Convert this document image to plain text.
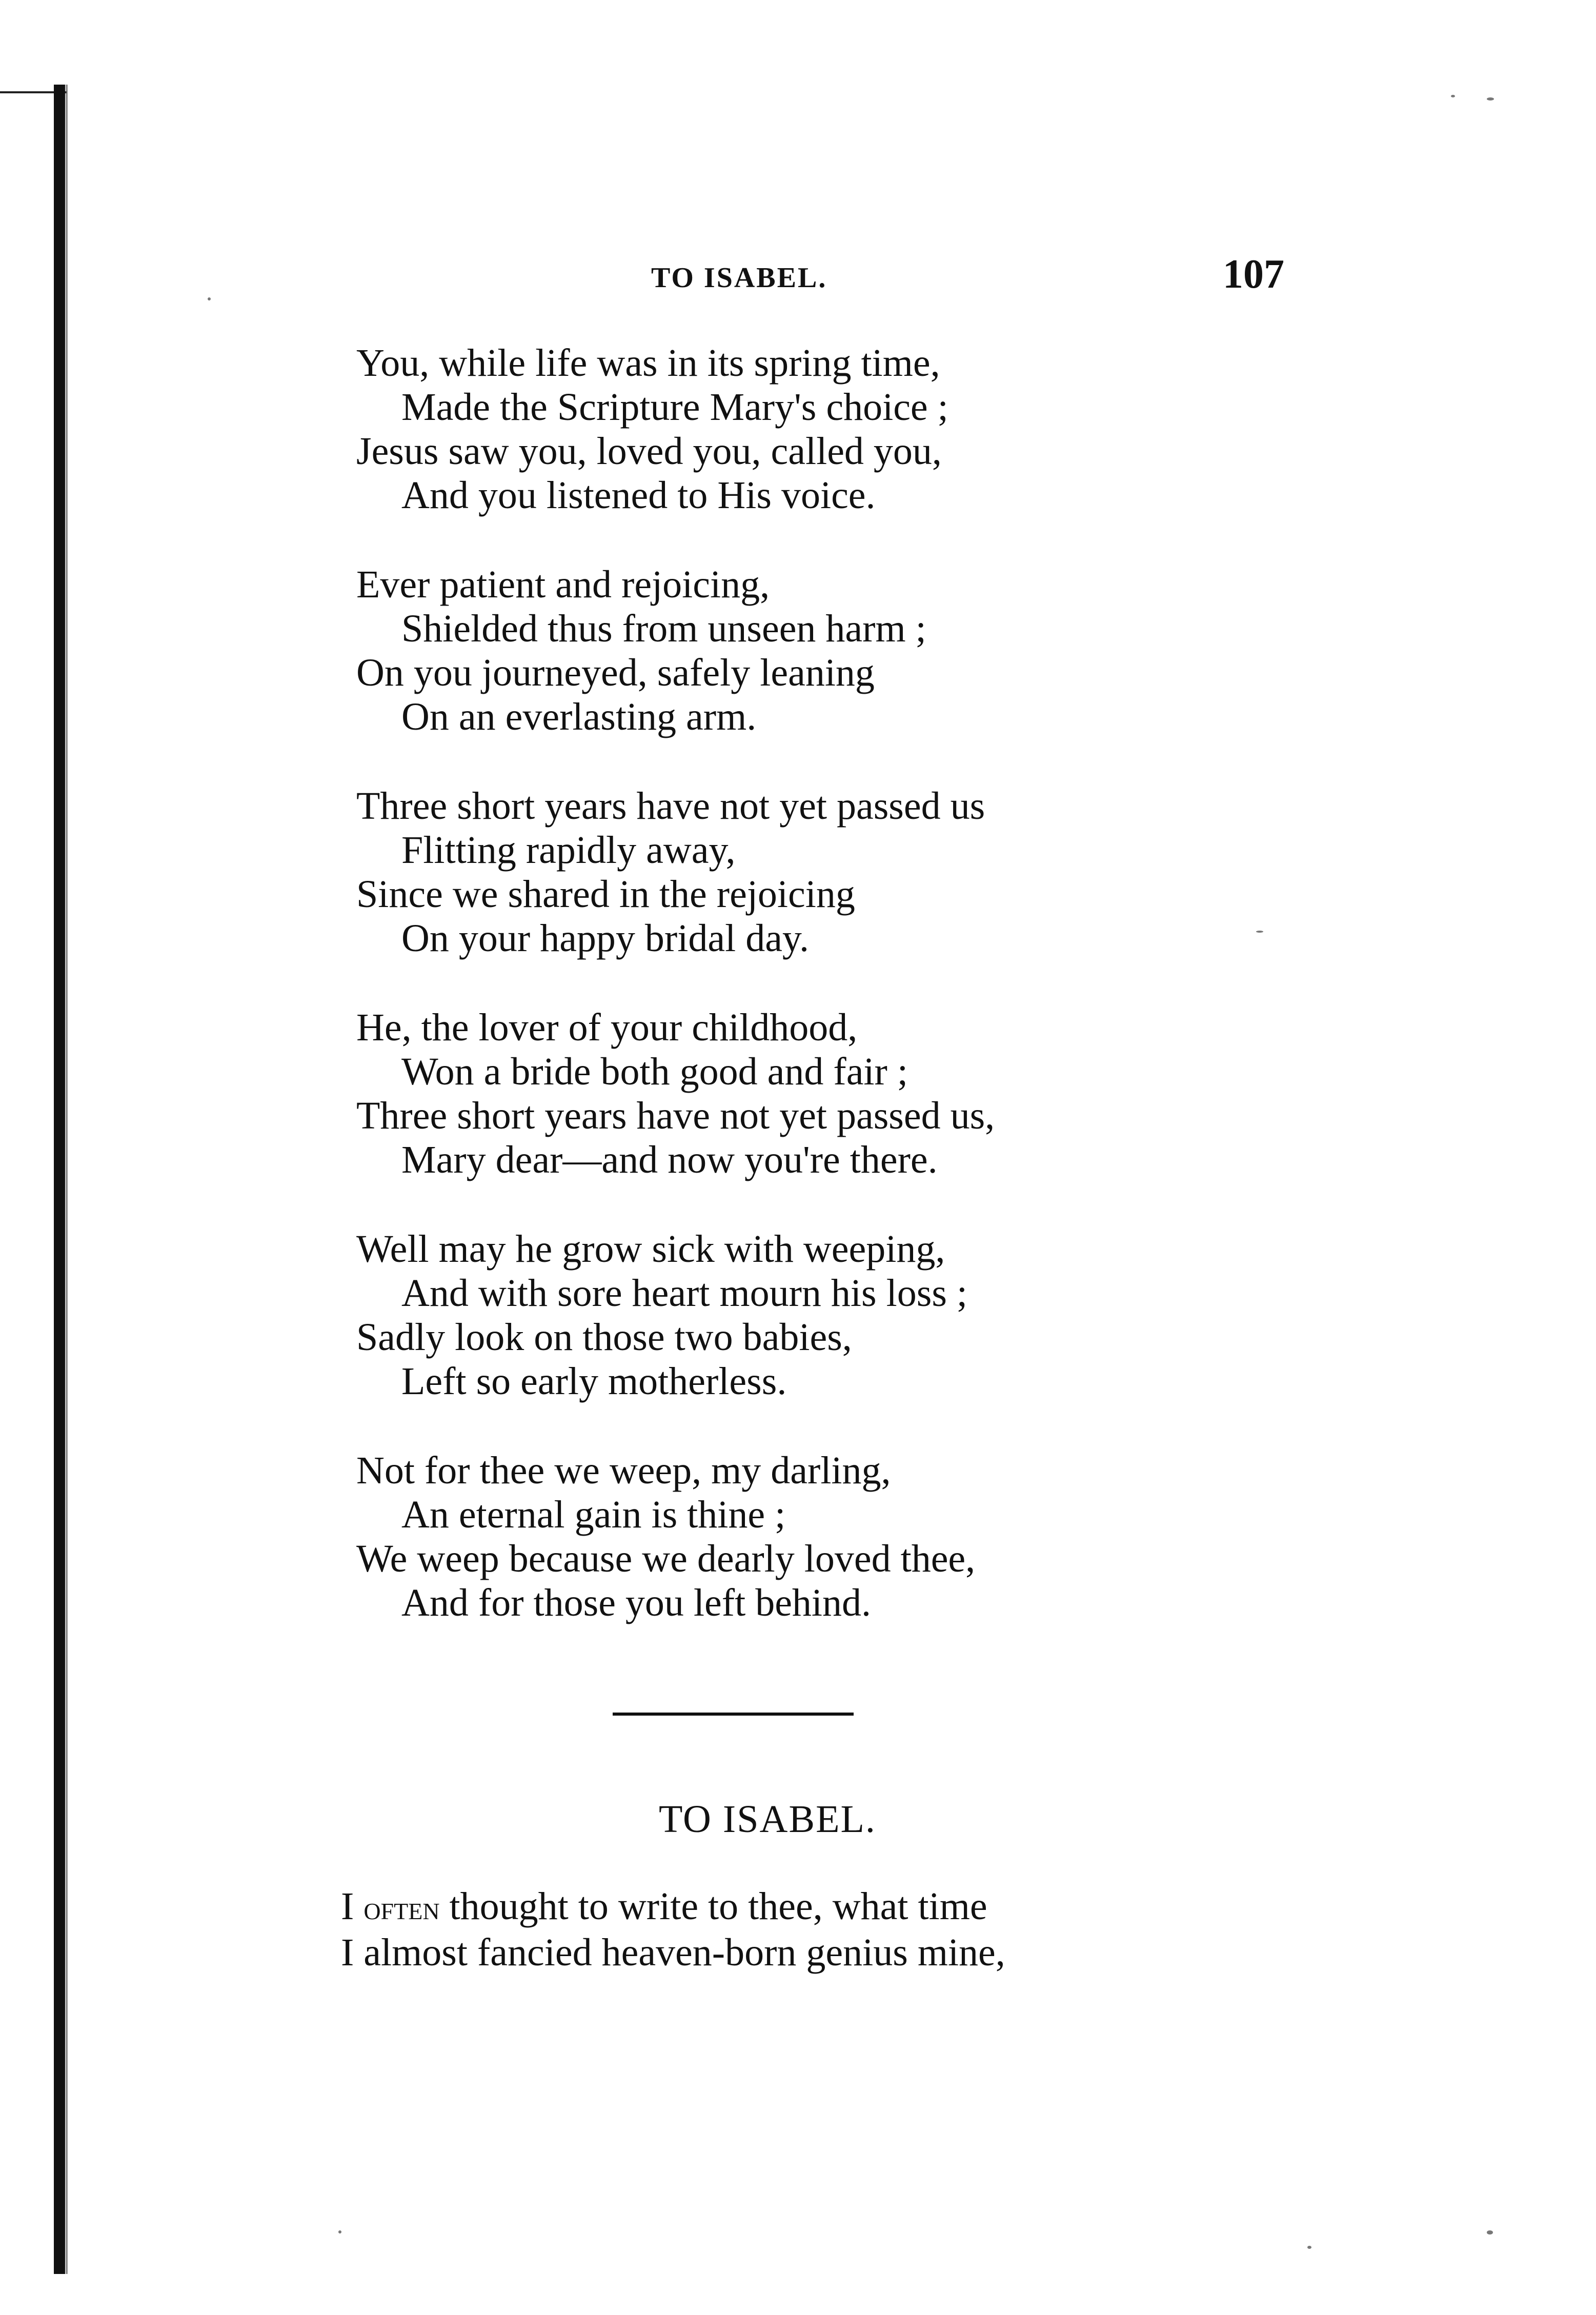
TO ISABEL.	107

You, while life was in its spring time,

Made the Scripture Mary's choice ;

Jesus saw you, loved you, called you,

And you listened to His voice.

Ever patient and rejoicing,

Shielded thus from unseen harm ;

On you journeyed, safely leaning

On an everlasting arm.

Three short years have not yet passed us

Flitting rapidly away,

Since we shared in the rejoicing

On your happy bridal day.

He, the lover of your childhood,

Won a bride both good and fair ;

Three short years have not yet passed us,

Mary dear—and now you're there.

Well may he grow sick with weeping,

And with sore heart mourn his loss ;

Sadly look on those two babies,

Left so early motherless.

Not for thee we weep, my darling,

An eternal gain is thine ;

We weep because we dearly loved thee,

And for those you left behind.

TO ISABEL.

I often thought to write to thee, what time

I almost fancied heaven-born genius mine,
